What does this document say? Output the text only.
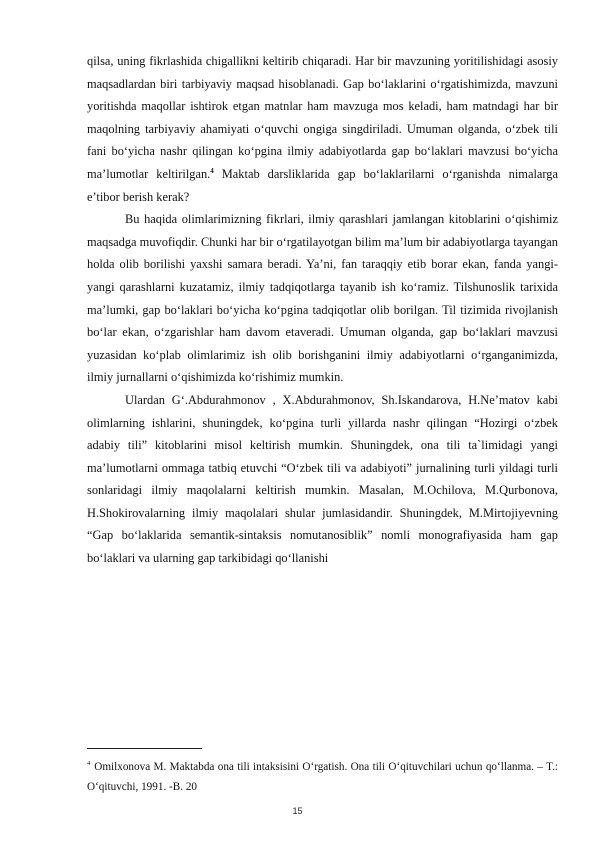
qilsa, uning fikrlashida chigallikni keltirib chiqaradi. Har bir mavzuning yoritilishidagi asosiy maqsadlardan biri tarbiyaviy maqsad hisoblanadi. Gap bo‘laklarini o‘rgatishimizda, mavzuni yoritishda maqollar ishtirok etgan matnlar ham mavzuga mos keladi, ham matndagi har bir maqolning tarbiyaviy ahamiyati o‘quvchi ongiga singdiriladi. Umuman olganda, o‘zbek tili fani bo‘yicha nashr qilingan ko‘pgina ilmiy adabiyotlarda gap bo‘laklari mavzusi bo‘yicha ma’lumotlar keltirilgan.$^4$ Maktab darsliklarida gap bo‘laklarilarni o‘rganishda nimalarga e’tibor berish kerak?

Bu haqida olimlarimizning fikrlari, ilmiy qarashlari jamlangan kitoblarini o‘qishimiz maqsadga muvofiqdir. Chunki har bir o‘rgatilayotgan bilim ma’lum bir adabiyotlarga tayangan holda olib borilishi yaxshi samara beradi. Ya’ni, fan taraqqiy etib borar ekan, fanda yangi-yangi qarashlarni kuzatamiz, ilmiy tadqiqotlarga tayanib ish ko‘ramiz. Tilshunoslik tarixida ma’lumki, gap bo‘laklari bo‘yicha ko‘pgina tadqiqotlar olib borilgan. Til tizimida rivojlanish bo‘lar ekan, o‘zgarishlar ham davom etaveradi. Umuman olganda, gap bo‘laklari mavzusi yuzasidan ko‘plab olimlarimiz ish olib borishganini ilmiy adabiyotlarni o‘rganganimizda, ilmiy jurnallarni o‘qishimizda ko‘rishimiz mumkin.

Ulardan G‘.Abdurahmonov , X.Abdurahmonov, Sh.Iskandarova, H.Ne’matov kabi olimlarning ishlarini, shuningdek, ko‘pgina turli yillarda nashr qilingan “Hozirgi o‘zbek adabiy tili” kitoblarini misol keltirish mumkin. Shuningdek, ona tili ta`limidagi yangi ma’lumotlarni ommaga tatbiq etuvchi “O‘zbek tili va adabiyoti” jurnalining turli yildagi turli sonlaridagi ilmiy maqolalarni keltirish mumkin. Masalan, M.Ochilova, M.Qurbonova, H.Shokirovalarning ilmiy maqolalari shular jumlasidandir. Shuningdek, M.Mirtojiyevning “Gap bo‘laklarida semantik-sintaksis nomutanosiblik” nomli monografiyasida ham gap bo‘laklari va ularning gap tarkibidagi qo‘llanishi

$^4$ Omilxonova M. Maktabda ona tili intaksisini O‘rgatish. Ona tili O‘qituvchilari uchun qo‘llanma. – T.: O‘qituvchi, 1991. -B. 20

15
